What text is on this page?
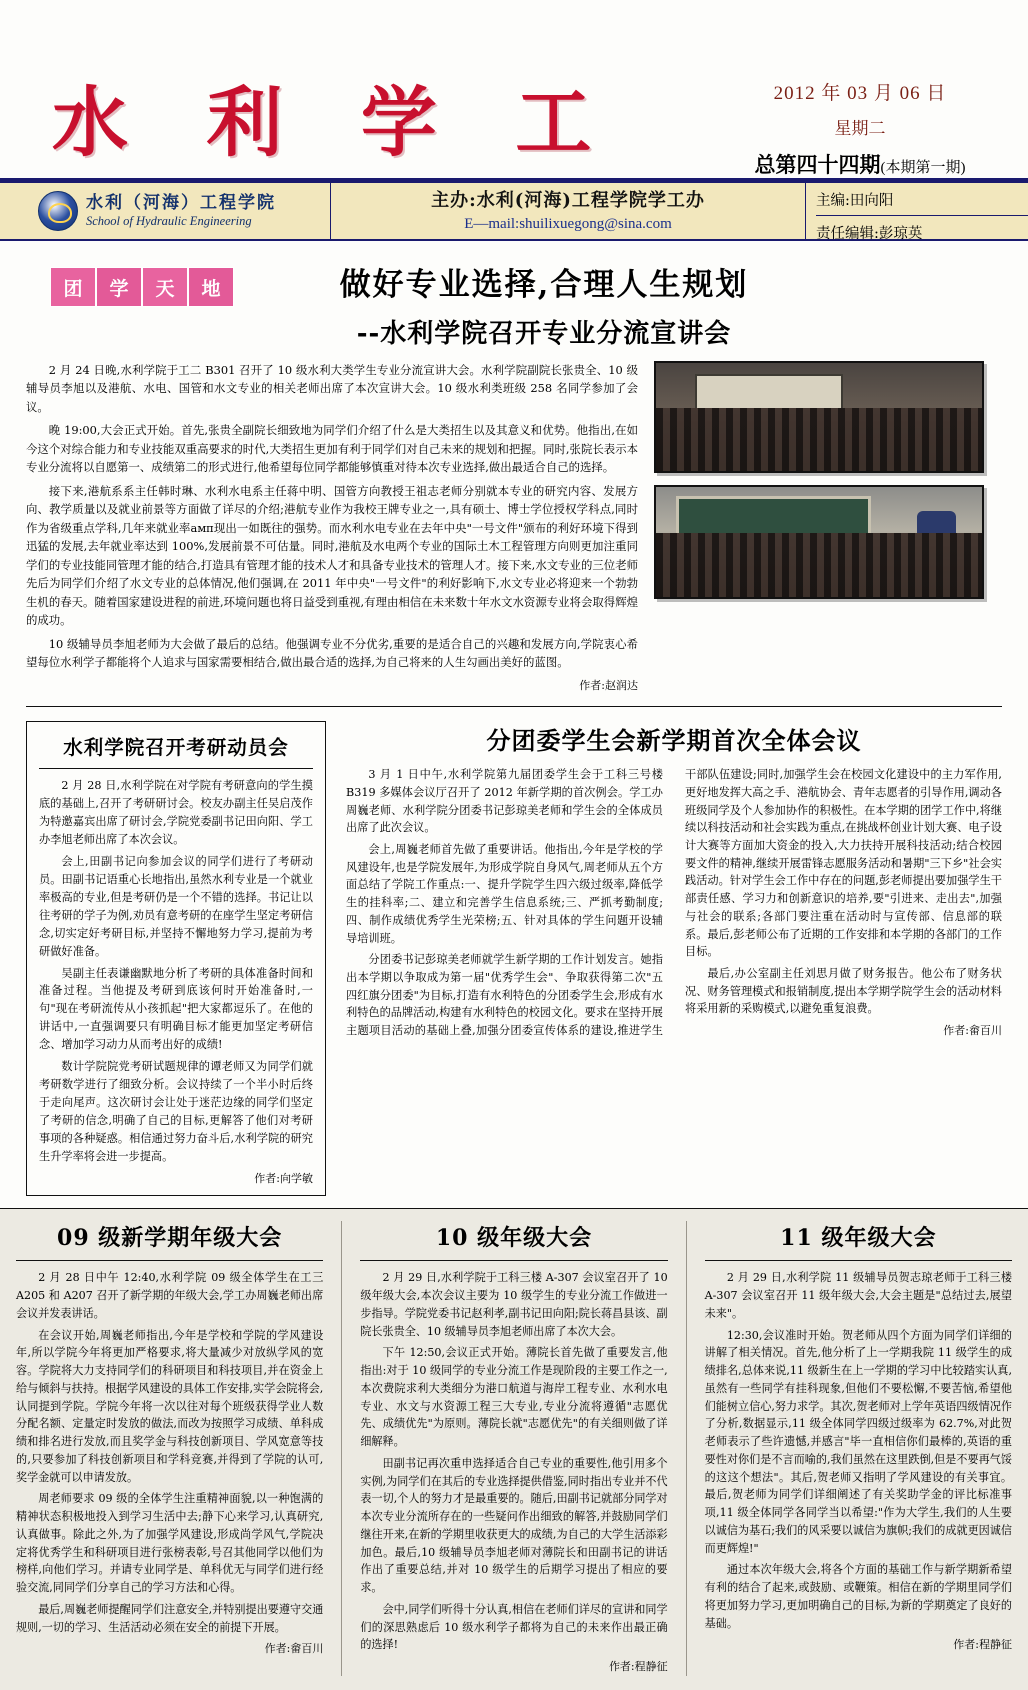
水 利 学 工	2012 年 03 月 06 日
星期二
总第四十四期(本期第一期)
水利（河海）工程学院
School of Hydraulic Engineering
主办:水利(河海)工程学院学工办
E—mail:shuilixuegong@sina.com
主编:田向阳
责任编辑:彭琼英
团	学	天	地	做好专业选择,合理人生规划
--水利学院召开专业分流宣讲会

2 月 24 日晚,水利学院于工二 B301 召开了 10 级水利大类学生专业分流宣讲大会。水利学院副院长张贵全、10 级辅导员李旭以及港航、水电、国管和水文专业的相关老师出席了本次宣讲大会。10 级水利类班级 258 名同学参加了会议。

晚 19:00,大会正式开始。首先,张贵全副院长细致地为同学们介绍了什么是大类招生以及其意义和优势。他指出,在如今这个对综合能力和专业技能双重高要求的时代,大类招生更加有利于同学们对自己未来的规划和把握。同时,张院长表示本专业分流将以自愿第一、成绩第二的形式进行,他希望每位同学都能够慎重对待本次专业选择,做出最适合自己的选择。

接下来,港航系系主任韩时琳、水利水电系主任蒋中明、国管方向教授王祖志老师分别就本专业的研究内容、发展方向、教学质量以及就业前景等方面做了详尽的介绍;港航专业作为我校王牌专业之一,具有硕士、博士学位授权学科点,同时作为省级重点学科,几年来就业率амп现出一如既往的强势。而水利水电专业在去年中央"一号文件"颁布的利好环境下得到迅猛的发展,去年就业率达到 100%,发展前景不可估量。同时,港航及水电两个专业的国际土木工程管理方向则更加注重同学们的专业技能同管理才能的结合,打造具有管理才能的技术人才和具备专业技术的管理人才。接下来,水文专业的三位老师先后为同学们介绍了水文专业的总体情况,他们强调,在 2011 年中央"一号文件"的利好影响下,水文专业必将迎来一个勃勃生机的春天。随着国家建设进程的前进,环境问题也将日益受到重视,有理由相信在未来数十年水文水资源专业将会取得辉煌的成功。

10 级辅导员李旭老师为大会做了最后的总结。他强调专业不分优劣,重要的是适合自己的兴趣和发展方向,学院衷心希望每位水利学子都能将个人追求与国家需要相结合,做出最合适的选择,为自己将来的人生勾画出美好的蓝图。

作者:赵润达
水利学院召开考研动员会

2 月 28 日,水利学院在对学院有考研意向的学生摸底的基础上,召开了考研研讨会。校友办副主任吴启茂作为特邀嘉宾出席了研讨会,学院党委副书记田向阳、学工办李旭老师出席了本次会议。

会上,田副书记向参加会议的同学们进行了考研动员。田副书记语重心长地指出,虽然水利专业是一个就业率极高的专业,但是考研仍是一个不错的选择。书记让以往考研的学子为例,劝员有意考研的在座学生坚定考研信念,切实定好考研目标,并坚持不懈地努力学习,提前为考研做好准备。

吴副主任表谦幽默地分析了考研的具体准备时间和准备过程。当他提及考研到底该何时开始准备时,一句"现在考研流传从小孩抓起"把大家都逗乐了。在他的讲话中,一直强调要只有明确目标才能更加坚定考研信念、增加学习动力从而考出好的成绩!

数计学院院党考研试题规律的谭老师又为同学们就考研数学进行了细致分析。会议持续了一个半小时后终于走向尾声。这次研讨会让处于迷茫边缘的同学们坚定了考研的信念,明确了自己的目标,更解答了他们对考研事项的各种疑惑。相信通过努力奋斗后,水利学院的研究生升学率将会进一步提高。

作者:向学敏
分团委学生会新学期首次全体会议

3 月 1 日中午,水利学院第九届团委学生会于工科三号楼 B319 多媒体会议厅召开了 2012 年新学期的首次例会。学工办周巍老师、水利学院分团委书记彭琼美老师和学生会的全体成员出席了此次会议。

会上,周巍老师首先做了重要讲话。他指出,今年是学校的学风建设年,也是学院发展年,为形成学院自身风气,周老师从五个方面总结了学院工作重点:一、提升学院学生四六级过级率,降低学生的挂科率;二、建立和完善学生信息系统;三、严抓考勤制度;四、制作成绩优秀学生光荣榜;五、针对具体的学生问题开设辅导培训班。

分团委书记彭琼美老师就学生新学期的工作计划发言。她指出本学期以争取成为第一届"优秀学生会"、争取获得第二次"五四红旗分团委"为目标,打造有水利特色的分团委学生会,形成有水利特色的品牌活动,构建有水利特色的校园文化。要求在坚持开展主题项目活动的基础上叠,加强分团委宣传体系的建设,推进学生干部队伍建设;同时,加强学生会在校园文化建设中的主力军作用,更好地发挥大高之手、港航协会、青年志愿者的引导作用,调动各班级同学及个人参加协作的积极性。在本学期的团学工作中,将继续以科技活动和社会实践为重点,在挑战杯创业计划大赛、电子设计大赛等方面加大资金的投入,大力扶持开展科技活动;结合校园要文件的精神,继续开展雷锋志愿服务活动和暑期"三下乡"社会实践活动。针对学生会工作中存在的问题,彭老师提出要加强学生干部责任感、学习力和创新意识的培养,要"引进来、走出去",加强与社会的联系;各部门要注重在活动时与宣传部、信息部的联系。最后,彭老师公布了近期的工作安排和本学期的各部门的工作目标。

最后,办公室副主任刘思月做了财务报告。他公布了财务状况、财务管理模式和报销制度,提出本学期学院学生会的活动材料将采用新的采购模式,以避免重复浪费。

作者:畲百川
09 级新学期年级大会

2 月 28 日中午 12:40,水利学院 09 级全体学生在工三 A205 和 A207 召开了新学期的年级大会,学工办周巍老师出席会议并发表讲话。

在会议开始,周巍老师指出,今年是学校和学院的学风建设年,所以学院今年将更加严格要求,将大量减少对放纵学风的宽容。学院将大力支持同学们的科研项目和科技项目,并在资金上给与倾斜与扶持。根据学风建设的具体工作安排,实学会院将会,认同提到学院。学院今年将一次以往对每个班级获得学业人数分配名额、定量定时发放的做法,而改为按照学习成绩、单科成绩和排名进行发放,而且奖学金与科技创新项目、学风宽意等技的,只要参加了科技创新项目和学科竞赛,并得到了学院的认可,奖学金就可以申请发放。

周老师要求 09 级的全体学生注重精神面貌,以一种饱满的精神状态积极地投入到学习生活中去;静下心来学习,认真研究,认真做事。除此之外,为了加强学风建设,形成尚学风气,学院决定将优秀学生和科研项目进行张榜表彰,号召其他同学以他们为榜样,向他们学习。并请专业同学是、单科优无与同学们进行经验交流,同同学们分享自己的学习方法和心得。

最后,周巍老师提醒同学们注意安全,并特别提出要遵守交通规则,一切的学习、生活活动必须在安全的前提下开展。

作者:畲百川
10 级年级大会

2 月 29 日,水利学院于工科三楼 A-307 会议室召开了 10 级年级大会,本次会议主要为 10 级学生的专业分流工作做进一步指导。学院党委书记赵利孝,副书记田向阳;院长蒋昌县该、副院长张贵全、10 级辅导员李旭老师出席了本次大会。

下午 12:50,会议正式开始。薄院长首先做了重要发言,他指出:对于 10 级同学的专业分流工作是现阶段的主要工作之一,本次费院求利大类细分为港口航道与海岸工程专业、水利水电专业、水文与水资源工程三大专业,专业分流将遵循"志愿优先、成绩优先"为原则。薄院长就"志愿优先"的有关细则做了详细解释。

田副书记再次重申选择适合自己专业的重要性,他引用多个实例,为同学们在其后的专业选择提供借鉴,同时指出专业并不代表一切,个人的努力才是最重要的。随后,田副书记就部分同学对本次专业分流所存在的一些疑问作出细致的解答,并鼓励同学们继往开来,在新的学期里收获更大的成绩,为自己的大学生活添彩加色。最后,10 级辅导员李旭老师对薄院长和田副书记的讲话作出了重要总结,并对 10 级学生的后期学习提出了相应的要求。

会中,同学们听得十分认真,相信在老师们详尽的宣讲和同学们的深思熟虑后 10 级水利学子都将为自己的未来作出最正确的选择!

作者:程静征
11 级年级大会

2 月 29 日,水利学院 11 级辅导员贺志琼老师于工科三楼 A-307 会议室召开 11 级年级大会,大会主题是"总结过去,展望未来"。

12:30,会议准时开始。贺老师从四个方面为同学们详细的讲解了相关情况。首先,他分析了上一学期我院 11 级学生的成绩排名,总体来说,11 级新生在上一学期的学习中比较踏实认真,虽然有一些同学有挂科现象,但他们不要松懈,不要苦恼,希望他们能树立信心,努力求学。其次,贺老师对上学年英语四级情况作了分析,数据显示,11 级全体同学四级过级率为 62.7%,对此贺老师表示了些许遗憾,并感言"毕一直相信你们最棒的,英语的重要性对你们是不言而喻的,我们虽然在这里跌倒,但是不要再气馁的这这个想法"。其后,贺老师又指明了学风建设的有关事宜。最后,贺老师为同学们详细阐述了有关奖助学金的评比标准事项,11 级全体同学各同学当以希望:"作为大学生,我们的人生要以诚信为基石;我们的风采要以诚信为旗帜;我们的成就更因诚信而更辉煌!"

通过本次年级大会,将各个方面的基础工作与新学期新希望有利的结合了起来,或鼓励、或鞭策。相信在新的学期里同学们将更加努力学习,更加明确自己的目标,为新的学期奠定了良好的基础。

作者:程静征
